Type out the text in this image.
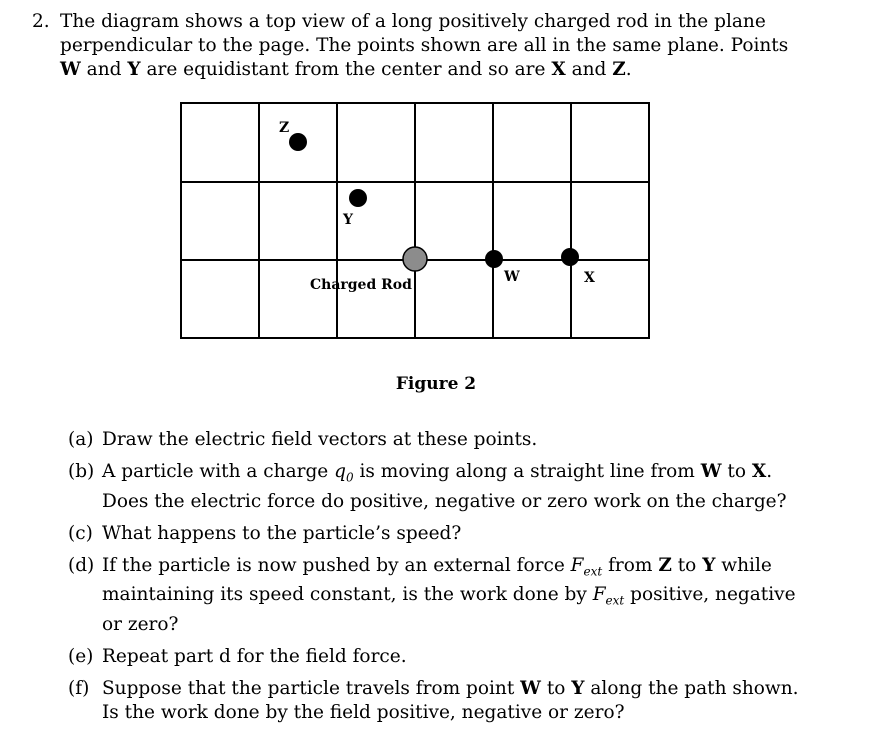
2. The diagram shows a top view of a long positively charged rod in the plane perpendicular to the page. The points shown are all in the same plane. Points W and Y are equidistant from the center and so are X and Z.
Z
Y
W	X
Charged Rod
Figure 2
(a) Draw the electric field vectors at these points.
(b) A particle with a charge $q_0$ is moving along a straight line from W to X. Does the electric force do positive, negative or zero work on the charge?
(c) What happens to the particle’s speed?
(d) If the particle is now pushed by an external force $F_{ext}$ from Z to Y while maintaining its speed constant, is the work done by $F_{ext}$ positive, negative or zero?
(e) Repeat part d for the field force.
(f) Suppose that the particle travels from point W to Y along the path shown. Is the work done by the field positive, negative or zero?
